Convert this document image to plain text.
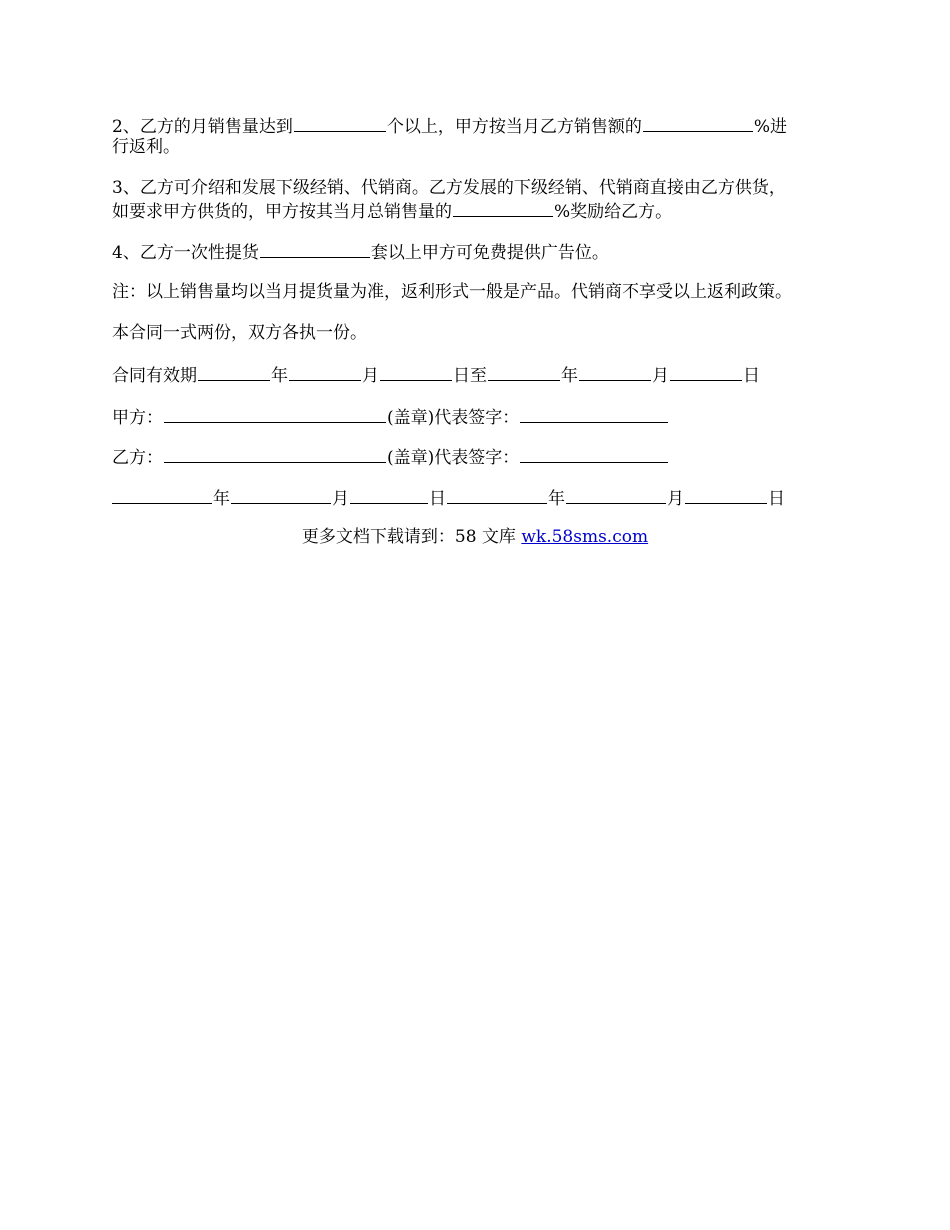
2、乙方的月销售量达到	个以上，甲方按当月乙方销售额的	%进
行返利。
3、乙方可介绍和发展下级经销、代销商。乙方发展的下级经销、代销商直接由乙方供货，
如要求甲方供货的，甲方按其当月总销售量的	%奖励给乙方。
4、乙方一次性提货	套以上甲方可免费提供广告位。
注：以上销售量均以当月提货量为准，返利形式一般是产品。代销商不享受以上返利政策。
本合同一式两份，双方各执一份。
合同有效期	年	月	日至	年	月	日
甲方：	(盖章)代表签字：
乙方：	(盖章)代表签字：
年	月	日	年	月	日
更多文档下载请到：58 文库 wk.58sms.com
